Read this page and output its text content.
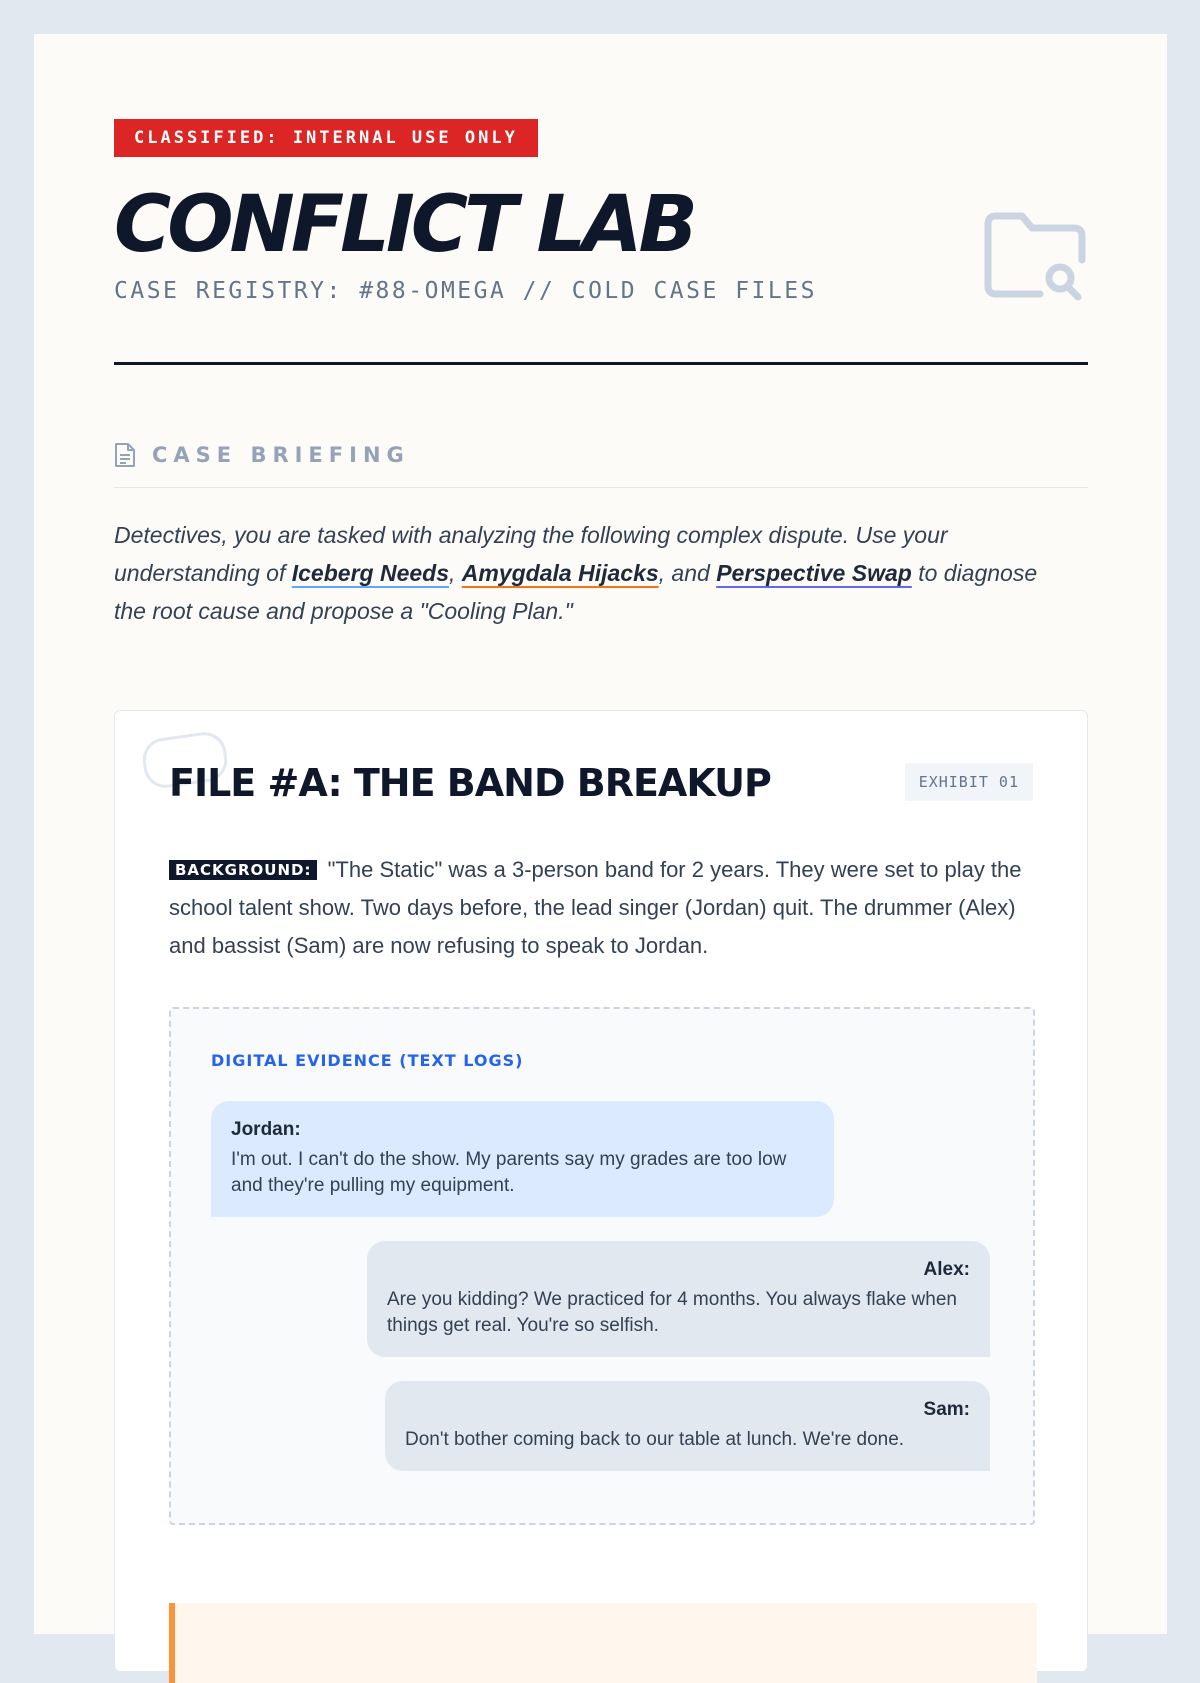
CLASSIFIED: INTERNAL USE ONLY
CONFLICT LAB
CASE REGISTRY: #88-OMEGA // COLD CASE FILES
CASE BRIEFING

Detectives, you are tasked with analyzing the following complex dispute. Use your understanding of Iceberg Needs, Amygdala Hijacks, and Perspective Swap to diagnose the root cause and propose a "Cooling Plan."

FILE #A: THE BAND BREAKUP	EXHIBIT 01

BACKGROUND: "The Static" was a 3-person band for 2 years. They were set to play the school talent show. Two days before, the lead singer (Jordan) quit. The drummer (Alex) and bassist (Sam) are now refusing to speak to Jordan.

DIGITAL EVIDENCE (TEXT LOGS)
Jordan:
I'm out. I can't do the show. My parents say my grades are too low and they're pulling my equipment.
Alex:
Are you kidding? We practiced for 4 months. You always flake when things get real. You're so selfish.
Sam:
Don't bother coming back to our table at lunch. We're done.
